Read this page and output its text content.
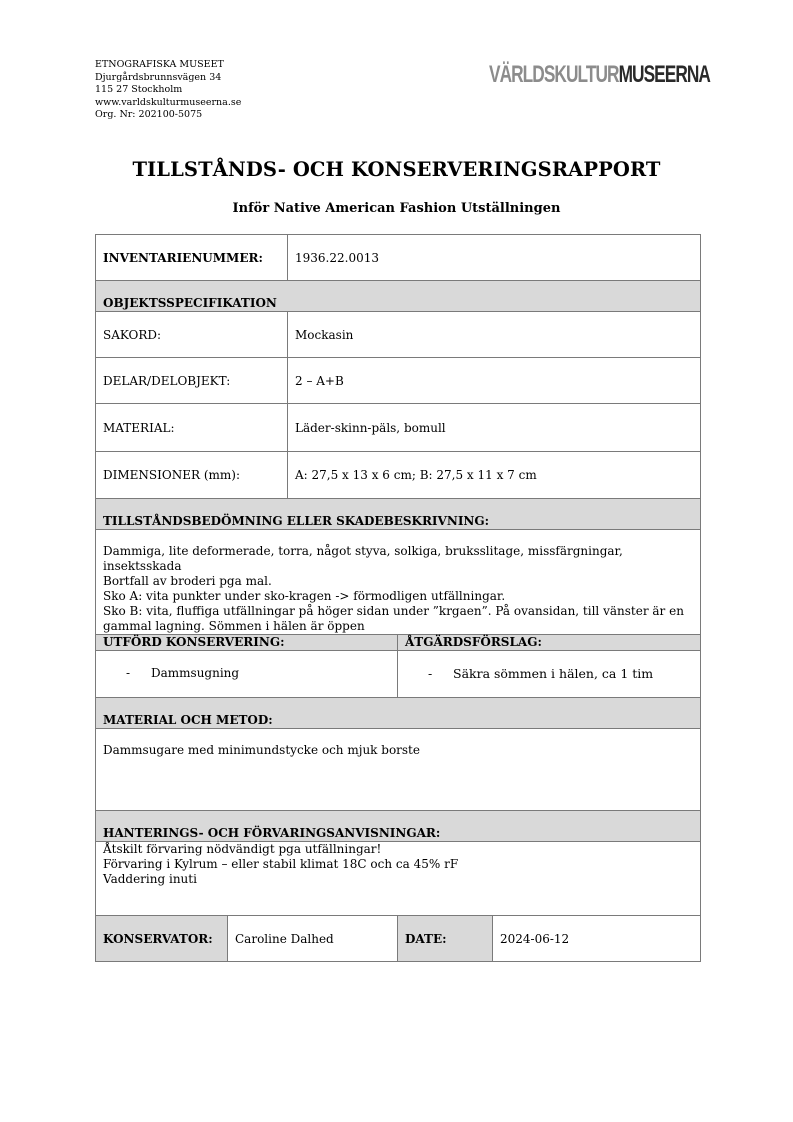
ETNOGRAFISKA MUSEET
Djurgårdsbrunnsvägen 34
115 27 Stockholm
www.varldskulturmuseerna.se
Org. Nr: 202100-5075
VÄRLDSKULTURMUSEERNA
TILLSTÅNDS- OCH KONSERVERINGSRAPPORT
Inför Native American Fashion Utställningen
INVENTARIENUMMER:		1936.22.0013		
OBJEKTSSPECIFIKATION				
SAKORD:		Mockasin		
DELAR/DELOBJEKT:		2 – A+B		
MATERIAL:		Läder-skinn-päls, bomull		
DIMENSIONER (mm):		A: 27,5 x 13 x 6 cm; B: 27,5 x 11 x 7 cm		
TILLSTÅNDSBEDÖMNING ELLER SKADEBESKRIVNING:				

Dammiga, lite deformerade, torra, något styva, solkiga, bruksslitage, missfärgningar, insektsskada
Bortfall av broderi pga mal.
Sko A: vita punkter under sko-kragen -> förmodligen utfällningar.
Sko B: vita, fluffiga utfällningar på höger sidan under ”krgaen”. På ovansidan, till vänster är en
gammal lagning. Sömmen i hälen är öppen				

UTFÖRD KONSERVERING:			ÅTGÄRDSFÖRSLAG:	
- Dammsugning			- Säkra sömmen i hälen, ca 1 tim	
MATERIAL OCH METOD:				
Dammsugare med minimundstycke och mjuk borste				
HANTERINGS- OCH FÖRVARINGSANVISNINGAR:				

Åtskilt förvaring nödvändigt pga utfällningar!
Förvaring i Kylrum – eller stabil klimat 18C och ca 45% rF
Vaddering inuti				

KONSERVATOR:	Caroline Dalhed		DATE:	2024-06-12
